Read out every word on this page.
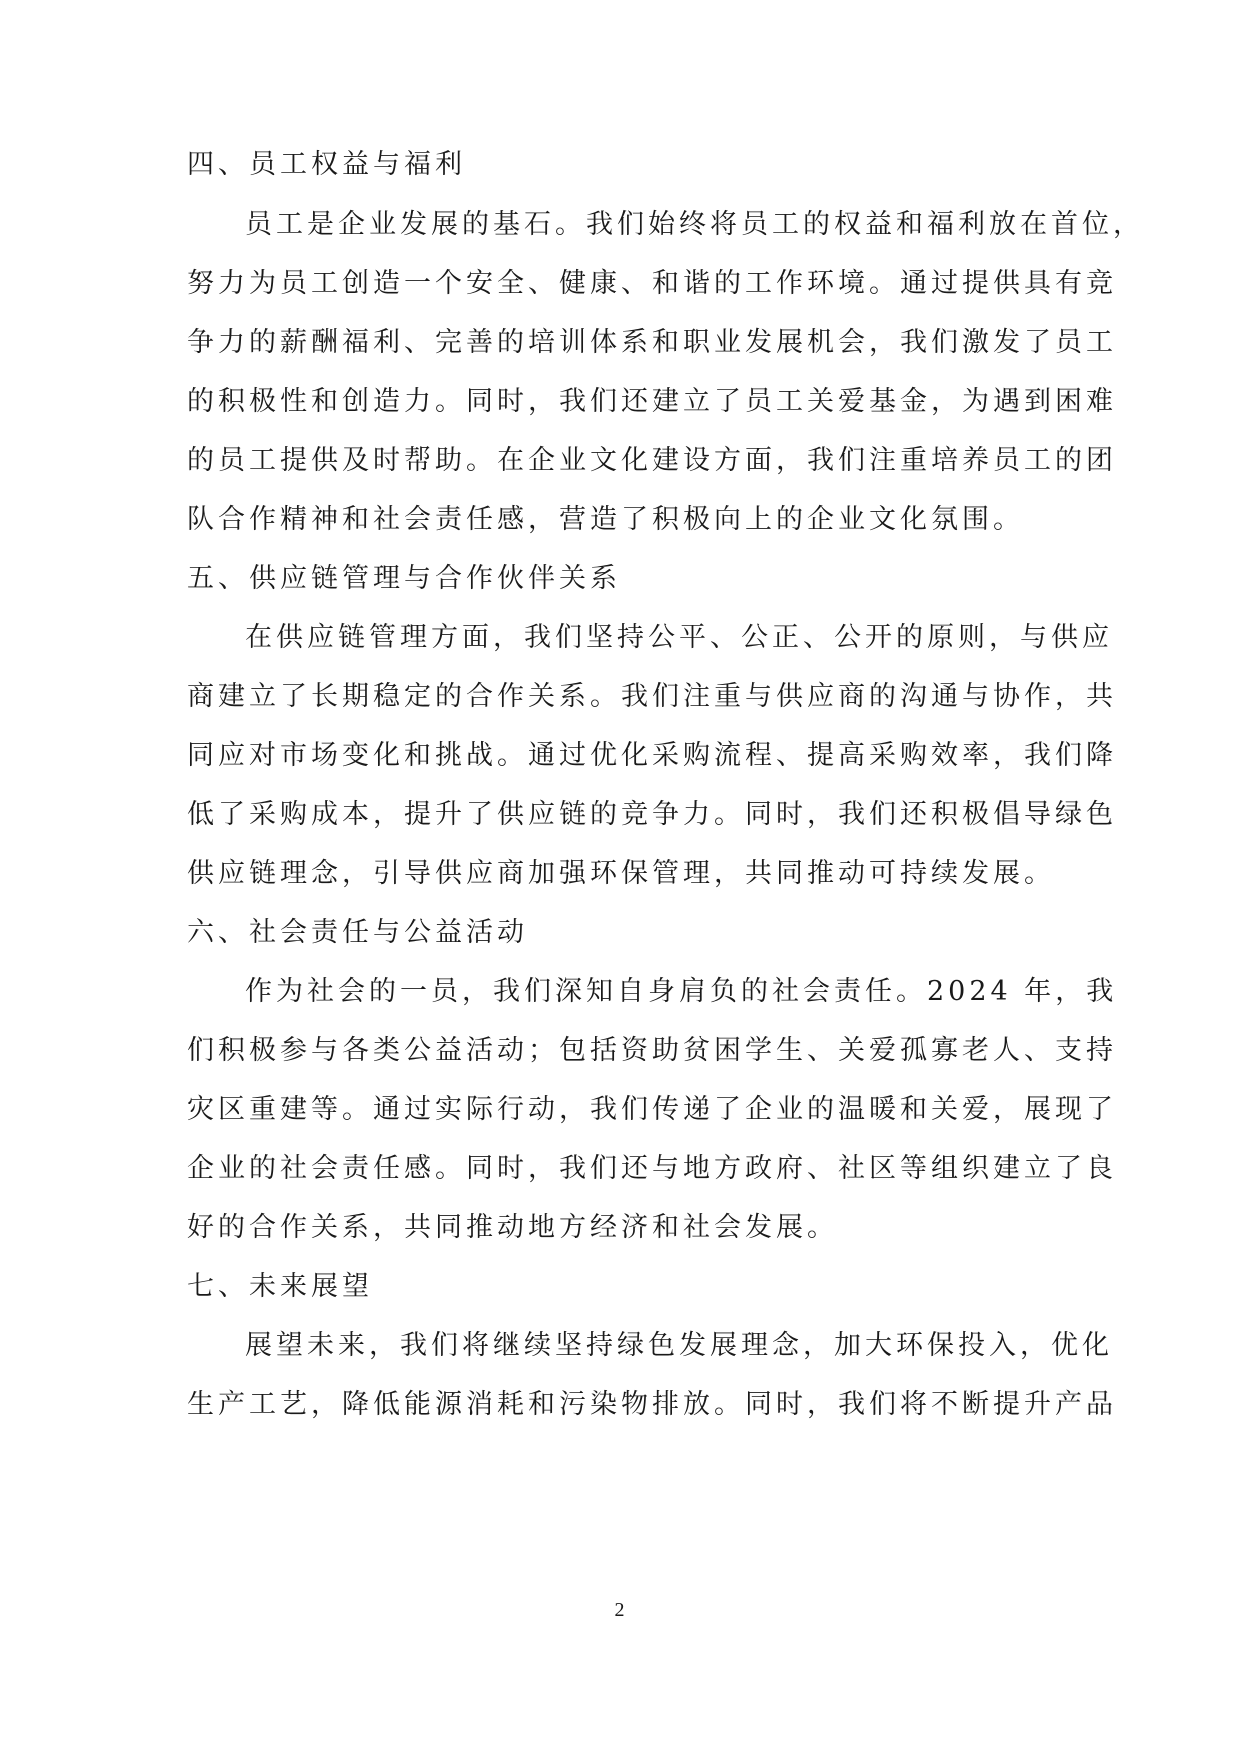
四、员工权益与福利
员工是企业发展的基石。我们始终将员工的权益和福利放在首位，
努力为员工创造一个安全、健康、和谐的工作环境。通过提供具有竞
争力的薪酬福利、完善的培训体系和职业发展机会，我们激发了员工
的积极性和创造力。同时，我们还建立了员工关爱基金，为遇到困难
的员工提供及时帮助。在企业文化建设方面，我们注重培养员工的团
队合作精神和社会责任感，营造了积极向上的企业文化氛围。
五、供应链管理与合作伙伴关系
在供应链管理方面，我们坚持公平、公正、公开的原则，与供应
商建立了长期稳定的合作关系。我们注重与供应商的沟通与协作，共
同应对市场变化和挑战。通过优化采购流程、提高采购效率，我们降
低了采购成本，提升了供应链的竞争力。同时，我们还积极倡导绿色
供应链理念，引导供应商加强环保管理，共同推动可持续发展。
六、社会责任与公益活动
作为社会的一员，我们深知自身肩负的社会责任。2024 年，我
们积极参与各类公益活动；包括资助贫困学生、关爱孤寡老人、支持
灾区重建等。通过实际行动，我们传递了企业的温暖和关爱，展现了
企业的社会责任感。同时，我们还与地方政府、社区等组织建立了良
好的合作关系，共同推动地方经济和社会发展。
七、未来展望
展望未来，我们将继续坚持绿色发展理念，加大环保投入，优化
生产工艺，降低能源消耗和污染物排放。同时，我们将不断提升产品
2
